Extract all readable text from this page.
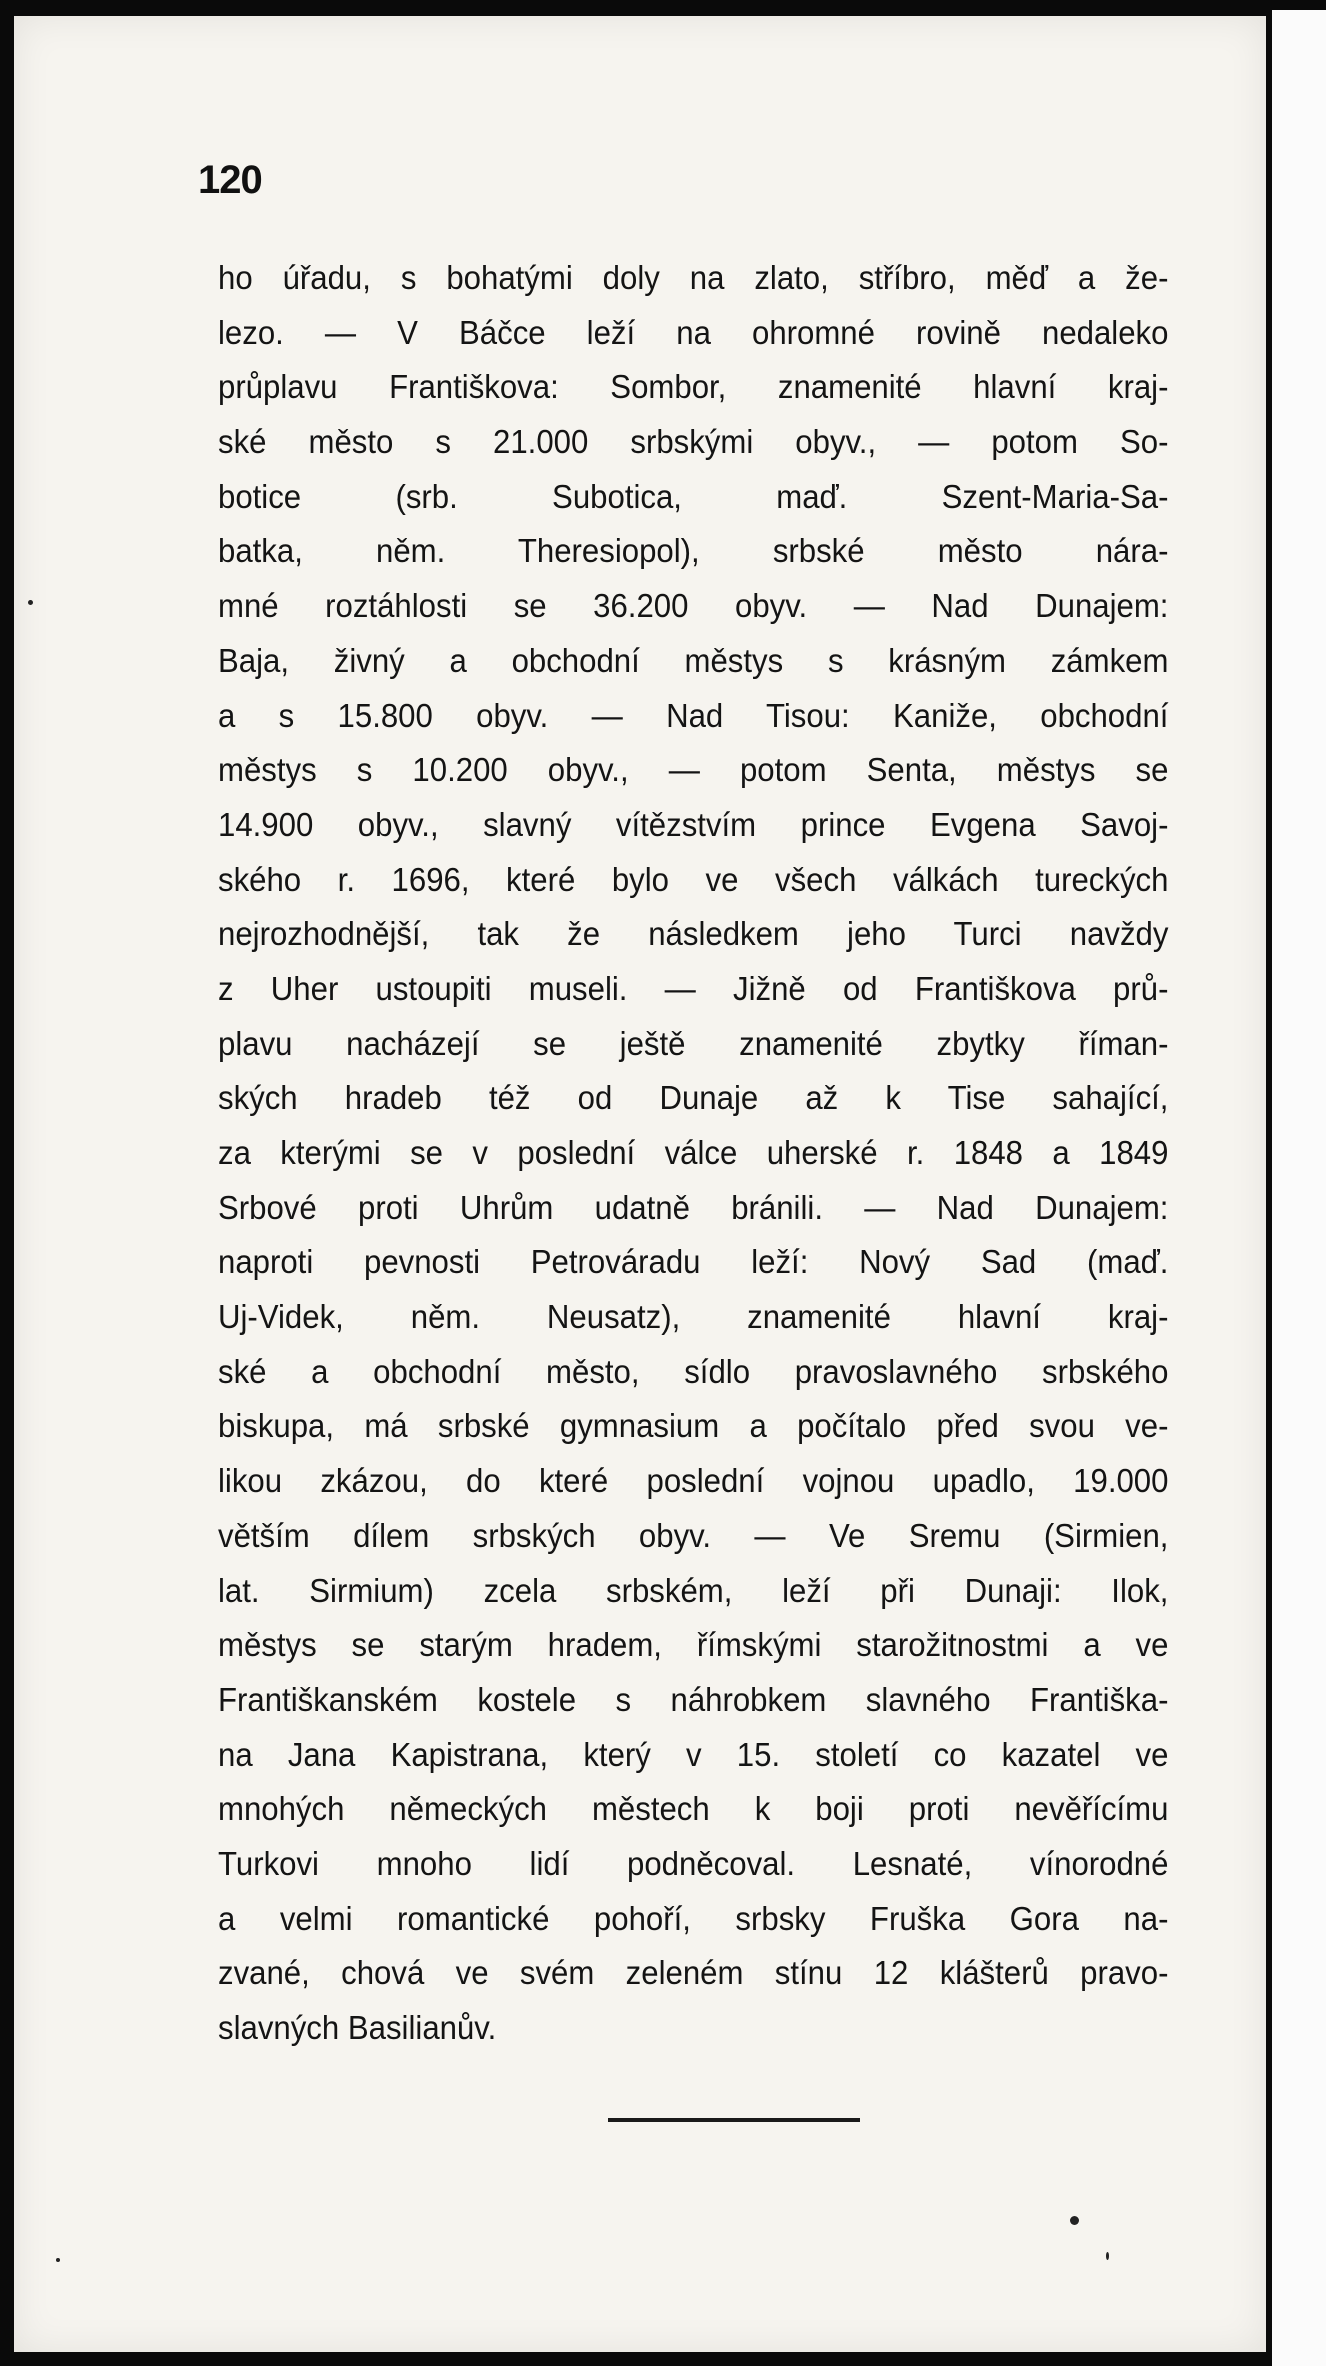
120
ho úřadu, s bohatými doly na zlato, stříbro, měď a že-
lezo. — V Báčce leží na ohromné rovině nedaleko
průplavu Františkova: Sombor, znamenité hlavní kraj-
ské město s 21.000 srbskými obyv., — potom So-
botice (srb. Subotica, maď. Szent-Maria-Sa-
batka, něm. Theresiopol), srbské město nára-
mné roztáhlosti se 36.200 obyv. — Nad Dunajem:
Baja, živný a obchodní městys s krásným zámkem
a s 15.800 obyv. — Nad Tisou: Kaniže, obchodní
městys s 10.200 obyv., — potom Senta, městys se
14.900 obyv., slavný vítězstvím prince Evgena Savoj-
ského r. 1696, které bylo ve všech válkách tureckých
nejrozhodnější, tak že následkem jeho Turci navždy
z Uher ustoupiti museli. — Jižně od Františkova prů-
plavu nacházejí se ještě znamenité zbytky říman-
ských hradeb též od Dunaje až k Tise sahající,
za kterými se v poslední válce uherské r. 1848 a 1849
Srbové proti Uhrům udatně bránili. — Nad Dunajem:
naproti pevnosti Petrováradu leží: Nový Sad (maď.
Uj-Videk, něm. Neusatz), znamenité hlavní kraj-
ské a obchodní město, sídlo pravoslavného srbského
biskupa, má srbské gymnasium a počítalo před svou ve-
likou zkázou, do které poslední vojnou upadlo, 19.000
větším dílem srbských obyv. — Ve Sremu (Sirmien,
lat. Sirmium) zcela srbském, leží při Dunaji: Ilok,
městys se starým hradem, římskými starožitnostmi a ve
Františkanském kostele s náhrobkem slavného Františka-
na Jana Kapistrana, který v 15. století co kazatel ve
mnohých německých městech k boji proti nevěřícímu
Turkovi mnoho lidí podněcoval. Lesnaté, vínorodné
a velmi romantické pohoří, srbsky Fruška Gora na-
zvané, chová ve svém zeleném stínu 12 klášterů pravo-
slavných Basilianův.
